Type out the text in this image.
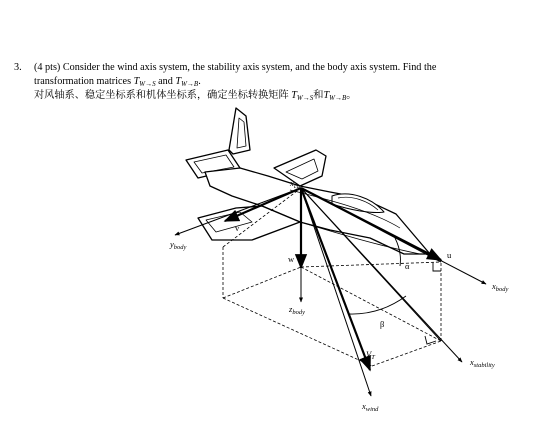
3. (4 pts) Consider the wind axis system, the stability axis system, and the body axis system. Find the
transformation matrices $T_{W\to S}$ and $T_{W\to B}$.
对风轴系、稳定坐标系和机体坐标系，确定坐标转换矩阵 $T_{W\to S}$和$T_{W\to B}$。
$x_{cg}$
v
$y_{body}$
w
$z_{body}$
u
α
$x_{body}$
β
$V_T$	$x_{stability}$
$x_{wind}$
